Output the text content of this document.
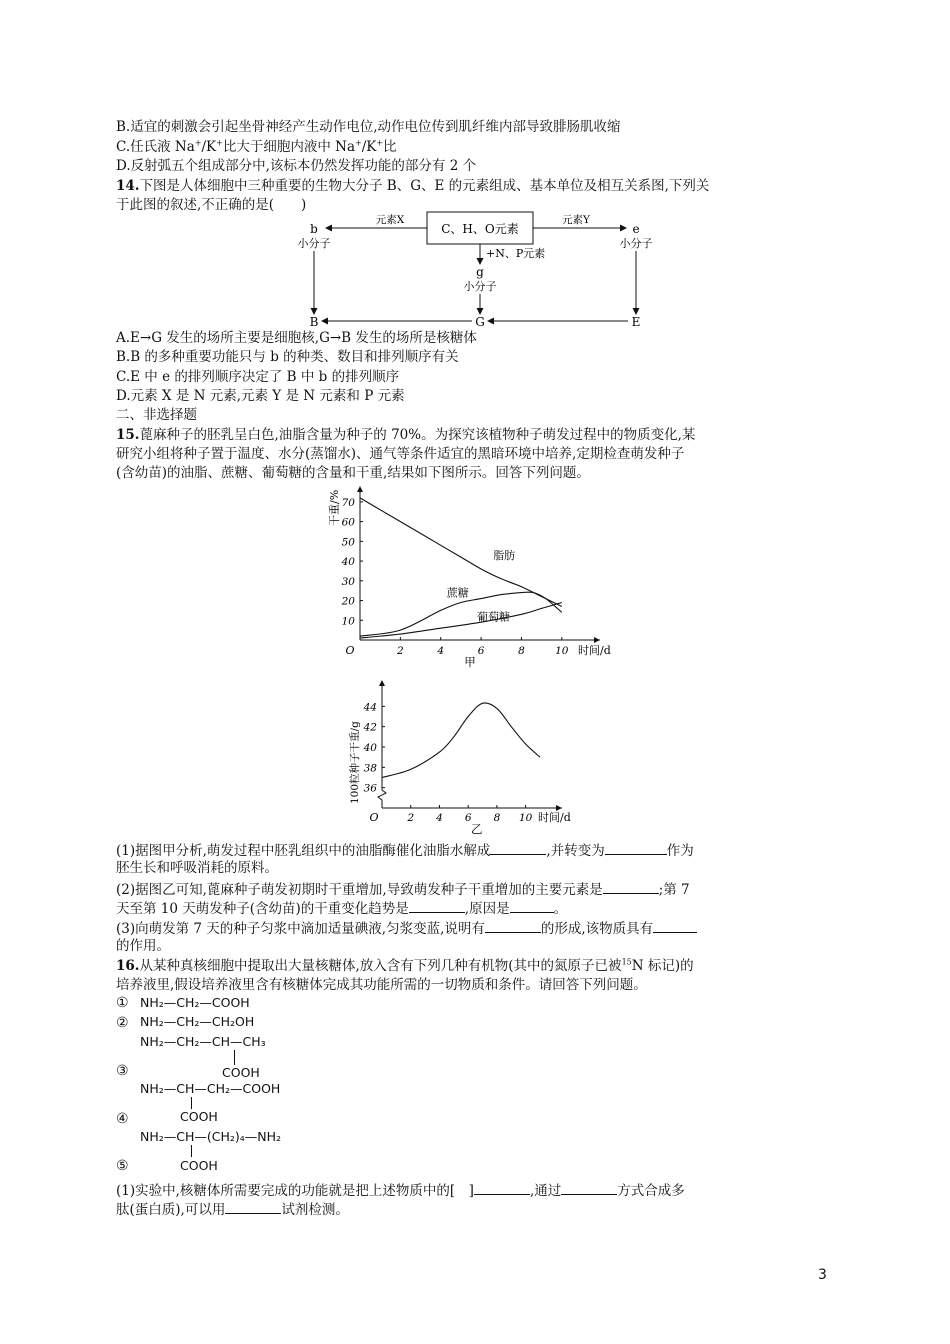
B.适宜的刺激会引起坐骨神经产生动作电位,动作电位传到肌纤维内部导致腓肠肌收缩
C.任氏液 Na+/K+比大于细胞内液中 Na+/K+比
D.反射弧五个组成部分中,该标本仍然发挥功能的部分有 2 个
14.下图是人体细胞中三种重要的生物大分子 B、G、E 的元素组成、基本单位及相互关系图,下列关
于此图的叙述,不正确的是(　　)
C、H、O元素
元素X	元素Y
b
小分子
e
小分子
+N、P元素
g
小分子
B	G	E
A.E→G 发生的场所主要是细胞核,G→B 发生的场所是核糖体
B.B 的多种重要功能只与 b 的种类、数目和排列顺序有关
C.E 中 e 的排列顺序决定了 B 中 b 的排列顺序
D.元素 X 是 N 元素,元素 Y 是 N 元素和 P 元素
二、非选择题
15.蓖麻种子的胚乳呈白色,油脂含量为种子的 70%。为探究该植物种子萌发过程中的物质变化,某
研究小组将种子置于温度、水分(蒸馏水)、通气等条件适宜的黑暗环境中培养,定期检查萌发种子
(含幼苗)的油脂、蔗糖、葡萄糖的含量和干重,结果如下图所示。回答下列问题。
2	4	6	8	10
10
20
30
40
50
60
70
O	时间/d
甲
干重/%
脂肪
蔗糖
葡萄糖
2 4 6 8 10
36
38
40
42
44
O	时间/d
乙
100粒种子干重/g
(1)据图甲分析,萌发过程中胚乳组织中的油脂酶催化油脂水解成	,并转变为	作为
胚生长和呼吸消耗的原料。
(2)据图乙可知,蓖麻种子萌发初期时干重增加,导致萌发种子干重增加的主要元素是	;第 7
天至第 10 天萌发种子(含幼苗)的干重变化趋势是	,原因是	。
(3)向萌发第 7 天的种子匀浆中滴加适量碘液,匀浆变蓝,说明有	的形成,该物质具有
的作用。
16.从某种真核细胞中提取出大量核糖体,放入含有下列几种有机物(其中的氮原子已被$^{15}$N 标记)的
培养液里,假设培养液里含有核糖体完成其功能所需的一切物质和条件。请回答下列问题。
① NH₂—CH₂—COOH
② NH₂—CH₂—CH₂OH
NH₂—CH₂—CH—CH₃
③	COOH
NH₂—CH—CH₂—COOH
④	COOH
NH₂—CH—(CH₂)₄—NH₂
⑤	COOH
(1)实验中,核糖体所需要完成的功能就是把上述物质中的[　]	,通过	方式合成多
肽(蛋白质),可以用	试剂检测。
3
